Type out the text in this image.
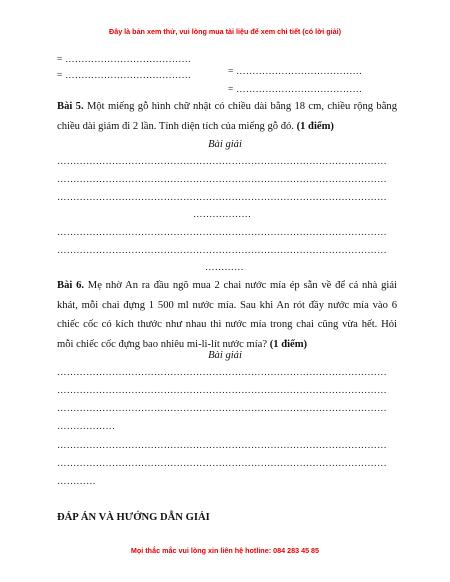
Đây là bản xem thử, vui lòng mua tài liệu để xem chi tiết (có lời giải)
= …………………………………
= …………………………………	= …………………………………
= …………………………………
Bài 5. Một miếng gỗ hình chữ nhật có chiều dài bằng 18 cm, chiều rộng bằng chiều dài giảm đi 2 lần. Tính diện tích của miếng gỗ đó. (1 điểm)
Bài giải
…………………………………………………………………………………………
…………………………………………………………………………………………
…………………………………………………………………………………………
………………
…………………………………………………………………………………………
…………………………………………………………………………………………
…………
Bài 6. Mẹ nhờ An ra đầu ngõ mua 2 chai nước mía ép sẵn về để cả nhà giải khát, mỗi chai đựng 1 500 ml nước mía. Sau khi An rót đầy nước mía vào 6 chiếc cốc có kích thước như nhau thì nước mía trong chai cũng vừa hết. Hỏi mỗi chiếc cốc đựng bao nhiêu mi-li-lít nước mía? (1 điểm)
Bài giải
…………………………………………………………………………………………
…………………………………………………………………………………………
…………………………………………………………………………………………
………………
…………………………………………………………………………………………
…………………………………………………………………………………………
…………
ĐÁP ÁN VÀ HƯỚNG DẪN GIẢI
Mọi thắc mắc vui lòng xin liên hệ hotline: 084 283 45 85
